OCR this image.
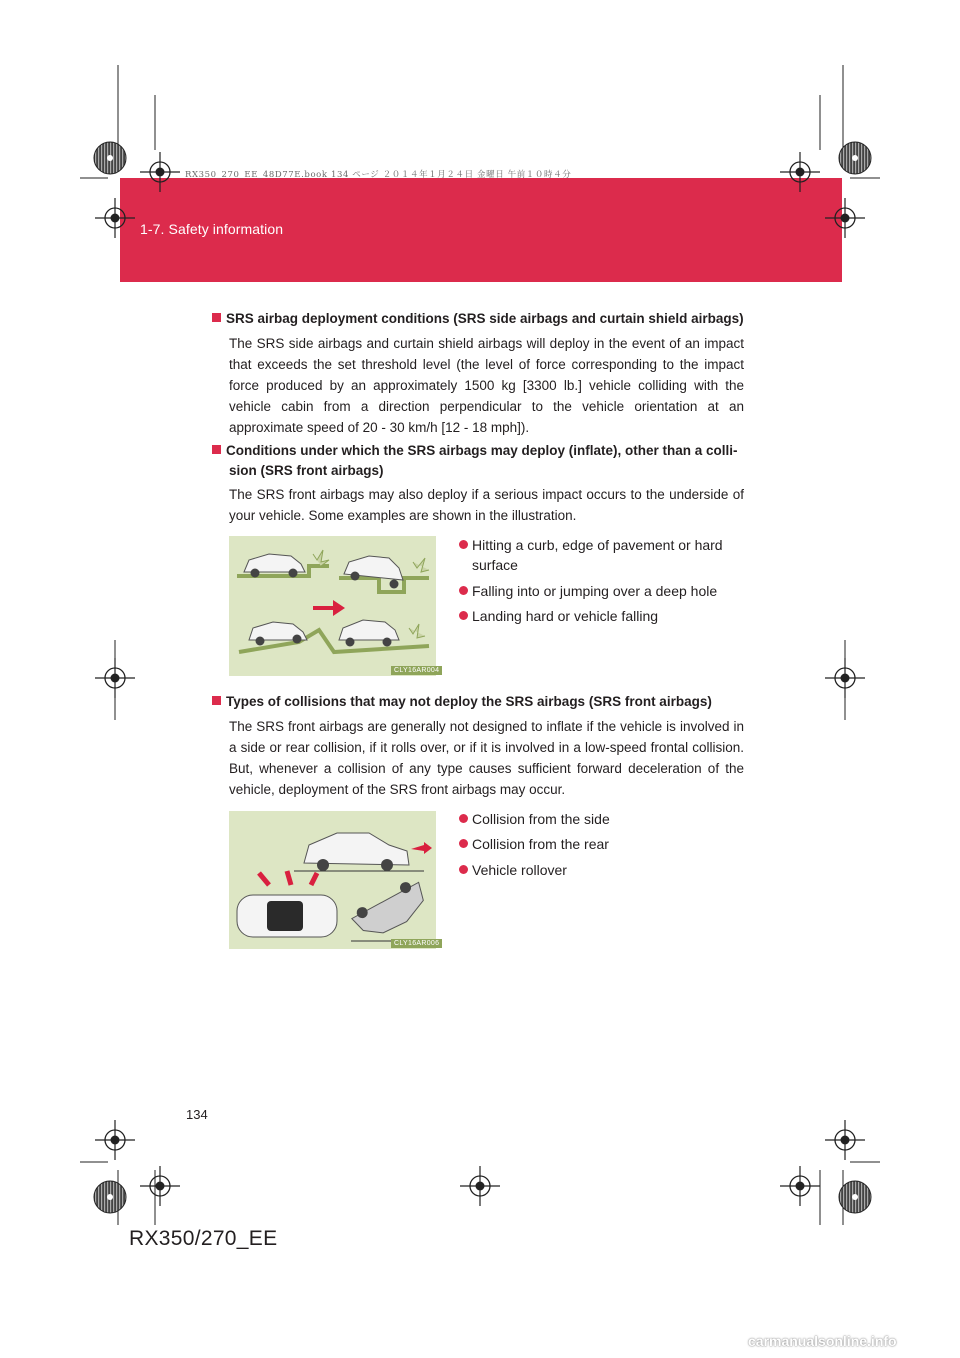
1-7. Safety information
RX350_270_EE_48D77E.book 134 ページ ２０１４年１月２４日 金曜日 午前１０時４分
SRS airbag deployment conditions (SRS side airbags and curtain shield airbags)
The SRS side airbags and curtain shield airbags will deploy in the event of an impact that exceeds the set threshold level (the level of force corresponding to the impact force produced by an approximately 1500 kg [3300 lb.] vehicle colliding with the vehicle cabin from a direction perpendicular to the vehicle orientation at an approximate speed of 20 - 30 km/h [12 - 18 mph]).
Conditions under which the SRS airbags may deploy (inflate), other than a colli-
sion (SRS front airbags)
The SRS front airbags may also deploy if a serious impact occurs to the underside of your vehicle. Some examples are shown in the illustration.
CLY16AR004
Hitting a curb, edge of pavement or hard
surface
Falling into or jumping over a deep hole
Landing hard or vehicle falling
Types of collisions that may not deploy the SRS airbags (SRS front airbags)
The SRS front airbags are generally not designed to inflate if the vehicle is involved in a side or rear collision, if it rolls over, or if it is involved in a low-speed frontal collision. But, whenever a collision of any type causes sufficient forward deceleration of the vehicle, deployment of the SRS front airbags may occur.
CLY16AR006
Collision from the side
Collision from the rear
Vehicle rollover
134
RX350/270_EE
carmanualsonline.info
